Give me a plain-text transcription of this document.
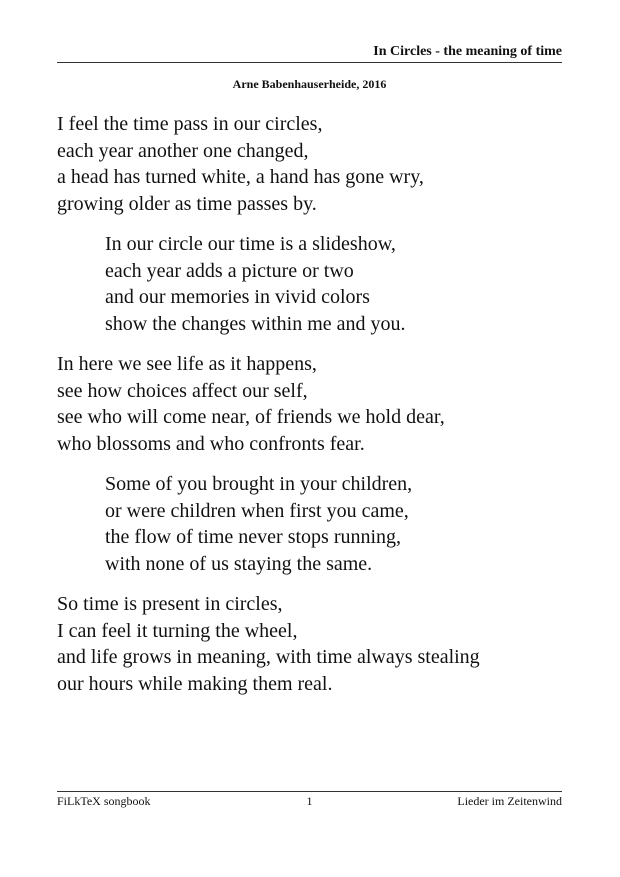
In Circles - the meaning of time
Arne Babenhauserheide, 2016
I feel the time pass in our circles,
each year another one changed,
a head has turned white, a hand has gone wry,
growing older as time passes by.
In our circle our time is a slideshow,
each year adds a picture or two
and our memories in vivid colors
show the changes within me and you.
In here we see life as it happens,
see how choices affect our self,
see who will come near, of friends we hold dear,
who blossoms and who confronts fear.
Some of you brought in your children,
or were children when first you came,
the flow of time never stops running,
with none of us staying the same.
So time is present in circles,
I can feel it turning the wheel,
and life grows in meaning, with time always stealing
our hours while making them real.
FiLkTeX songbook	1	Lieder im Zeitenwind
